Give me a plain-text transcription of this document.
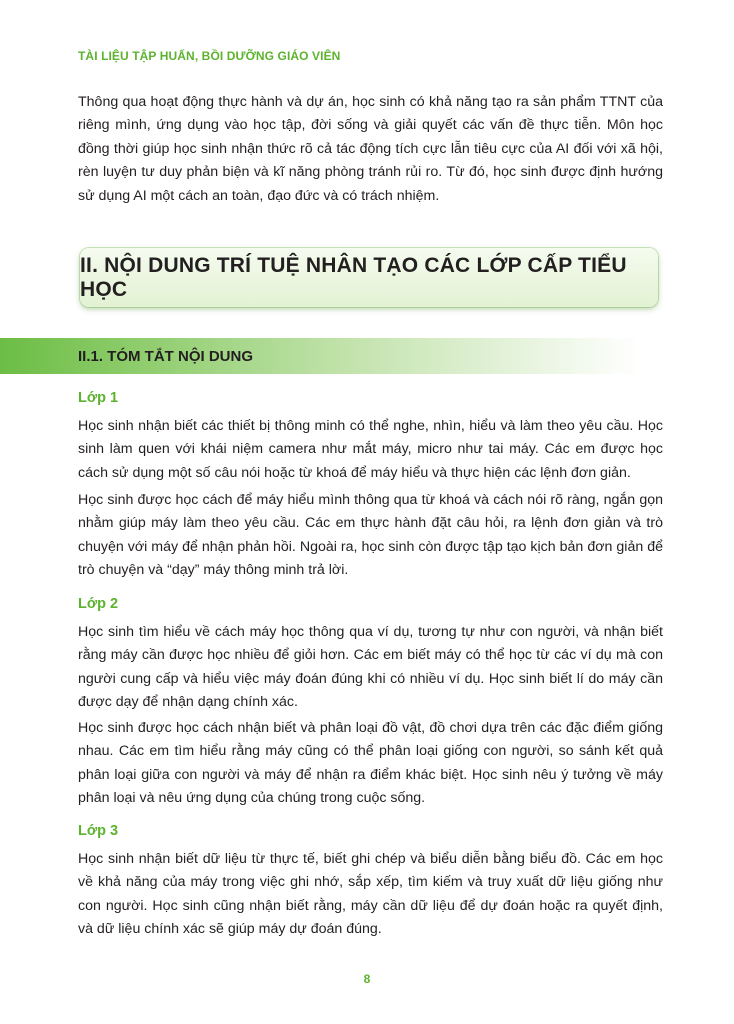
TÀI LIỆU TẬP HUẤN, BỒI DƯỠNG GIÁO VIÊN

Thông qua hoạt động thực hành và dự án, học sinh có khả năng tạo ra sản phẩm TTNT của riêng mình, ứng dụng vào học tập, đời sống và giải quyết các vấn đề thực tiễn. Môn học đồng thời giúp học sinh nhận thức rõ cả tác động tích cực lẫn tiêu cực của AI đối với xã hội, rèn luyện tư duy phản biện và kĩ năng phòng tránh rủi ro. Từ đó, học sinh được định hướng sử dụng AI một cách an toàn, đạo đức và có trách nhiệm.

II. NỘI DUNG TRÍ TUỆ NHÂN TẠO CÁC LỚP CẤP TIỂU HỌC
II.1. TÓM TẮT NỘI DUNG
Lớp 1

Học sinh nhận biết các thiết bị thông minh có thể nghe, nhìn, hiểu và làm theo yêu cầu. Học sinh làm quen với khái niệm camera như mắt máy, micro như tai máy. Các em được học cách sử dụng một số câu nói hoặc từ khoá để máy hiểu và thực hiện các lệnh đơn giản.

Học sinh được học cách để máy hiểu mình thông qua từ khoá và cách nói rõ ràng, ngắn gọn nhằm giúp máy làm theo yêu cầu. Các em thực hành đặt câu hỏi, ra lệnh đơn giản và trò chuyện với máy để nhận phản hồi. Ngoài ra, học sinh còn được tập tạo kịch bản đơn giản để trò chuyện và “dạy” máy thông minh trả lời.

Lớp 2

Học sinh tìm hiểu về cách máy học thông qua ví dụ, tương tự như con người, và nhận biết rằng máy cần được học nhiều để giỏi hơn. Các em biết máy có thể học từ các ví dụ mà con người cung cấp và hiểu việc máy đoán đúng khi có nhiều ví dụ. Học sinh biết lí do máy cần được dạy để nhận dạng chính xác.

Học sinh được học cách nhận biết và phân loại đồ vật, đồ chơi dựa trên các đặc điểm giống nhau. Các em tìm hiểu rằng máy cũng có thể phân loại giống con người, so sánh kết quả phân loại giữa con người và máy để nhận ra điểm khác biệt. Học sinh nêu ý tưởng về máy phân loại và nêu ứng dụng của chúng trong cuộc sống.

Lớp 3

Học sinh nhận biết dữ liệu từ thực tế, biết ghi chép và biểu diễn bằng biểu đồ. Các em học về khả năng của máy trong việc ghi nhớ, sắp xếp, tìm kiếm và truy xuất dữ liệu giống như con người. Học sinh cũng nhận biết rằng, máy cần dữ liệu để dự đoán hoặc ra quyết định, và dữ liệu chính xác sẽ giúp máy dự đoán đúng.

8
